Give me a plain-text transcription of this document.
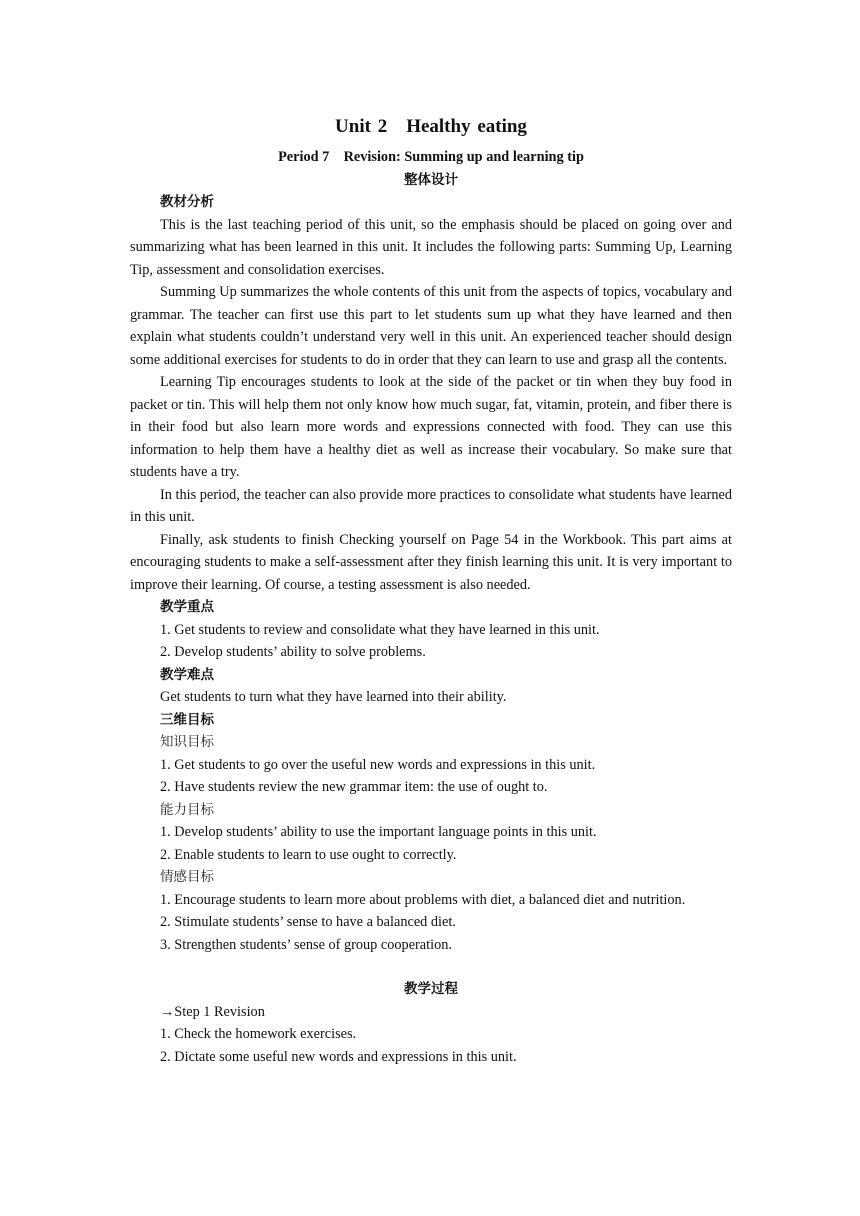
Unit 2　Healthy eating

Period 7　Revision: Summing up and learning tip

整体设计

教材分析

This is the last teaching period of this unit, so the emphasis should be placed on going over and summarizing what has been learned in this unit. It includes the following parts: Summing Up, Learning Tip, assessment and consolidation exercises.

Summing Up summarizes the whole contents of this unit from the aspects of topics, vocabulary and grammar. The teacher can first use this part to let students sum up what they have learned and then explain what students couldn’t understand very well in this unit. An experienced teacher should design some additional exercises for students to do in order that they can learn to use and grasp all the contents.

Learning Tip encourages students to look at the side of the packet or tin when they buy food in packet or tin. This will help them not only know how much sugar, fat, vitamin, protein, and fiber there is in their food but also learn more words and expressions connected with food. They can use this information to help them have a healthy diet as well as increase their vocabulary. So make sure that students have a try.

In this period, the teacher can also provide more practices to consolidate what students have learned in this unit.

Finally, ask students to finish Checking yourself on Page 54 in the Workbook. This part aims at encouraging students to make a self-assessment after they finish learning this unit. It is very important to improve their learning. Of course, a testing assessment is also needed.

教学重点

1. Get students to review and consolidate what they have learned in this unit.

2. Develop students’ ability to solve problems.

教学难点

Get students to turn what they have learned into their ability.

三维目标

知识目标

1. Get students to go over the useful new words and expressions in this unit.

2. Have students review the new grammar item: the use of ought to.

能力目标

1. Develop students’ ability to use the important language points in this unit.

2. Enable students to learn to use ought to correctly.

情感目标

1. Encourage students to learn more about problems with diet, a balanced diet and nutrition.

2. Stimulate students’ sense to have a balanced diet.

3. Strengthen students’ sense of group cooperation.

教学过程

→Step 1 Revision

1. Check the homework exercises.

2. Dictate some useful new words and expressions in this unit.
